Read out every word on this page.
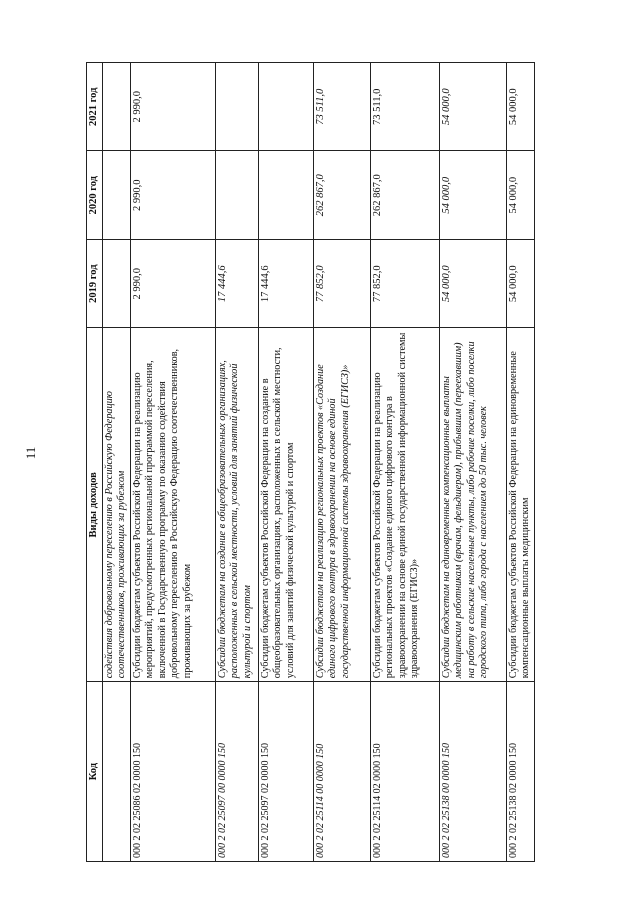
11
Код	Виды доходов	2019 год	2020 год	2021 год
	содействия добровольному переселению в Российскую Федерацию соотечественников, проживающих за рубежом			
000 2 02 25086 02 0000 150	Субсидии бюджетам субъектов Российской Федерации на реализацию мероприятий, предусмотренных региональной программой переселения, включенной в Государственную программу по оказанию содействия добровольному переселению в Российскую Федерацию соотечественников, проживающих за рубежом	2 990,0	2 990,0	2 990,0
000 2 02 25097 00 0000 150	Субсидии бюджетам на создание в общеобразовательных организациях, расположенных в сельской местности, условий для занятий физической культурой и спортом	17 444,6		
000 2 02 25097 02 0000 150	Субсидии бюджетам субъектов Российской Федерации на создание в общеобразовательных организациях, расположенных в сельской местности, условий для занятий физической культурой и спортом	17 444,6		
000 2 02 25114 00 0000 150	Субсидии бюджетам на реализацию региональных проектов «Создание единого цифрового контура в здравоохранении на основе единой государственной информационной системы здравоохранения (ЕГИСЗ)»	77 852,0	262 867,0	73 511,0
000 2 02 25114 02 0000 150	Субсидии бюджетам субъектов Российской Федерации на реализацию региональных проектов «Создание единого цифрового контура в здравоохранении на основе единой государственной информационной системы здравоохранения (ЕГИСЗ)»	77 852,0	262 867,0	73 511,0
000 2 02 25138 00 0000 150	Субсидии бюджетам на единовременные компенсационные выплаты медицинским работникам (врачам, фельдшерам), прибывшим (переехавшим) на работу в сельские населенные пункты, либо рабочие поселки, либо поселки городского типа, либо города с населением до 50 тыс. человек	54 000,0	54 000,0	54 000,0
000 2 02 25138 02 0000 150	Субсидии бюджетам субъектов Российской Федерации на единовременные компенсационные выплаты медицинским	54 000,0	54 000,0	54 000,0
